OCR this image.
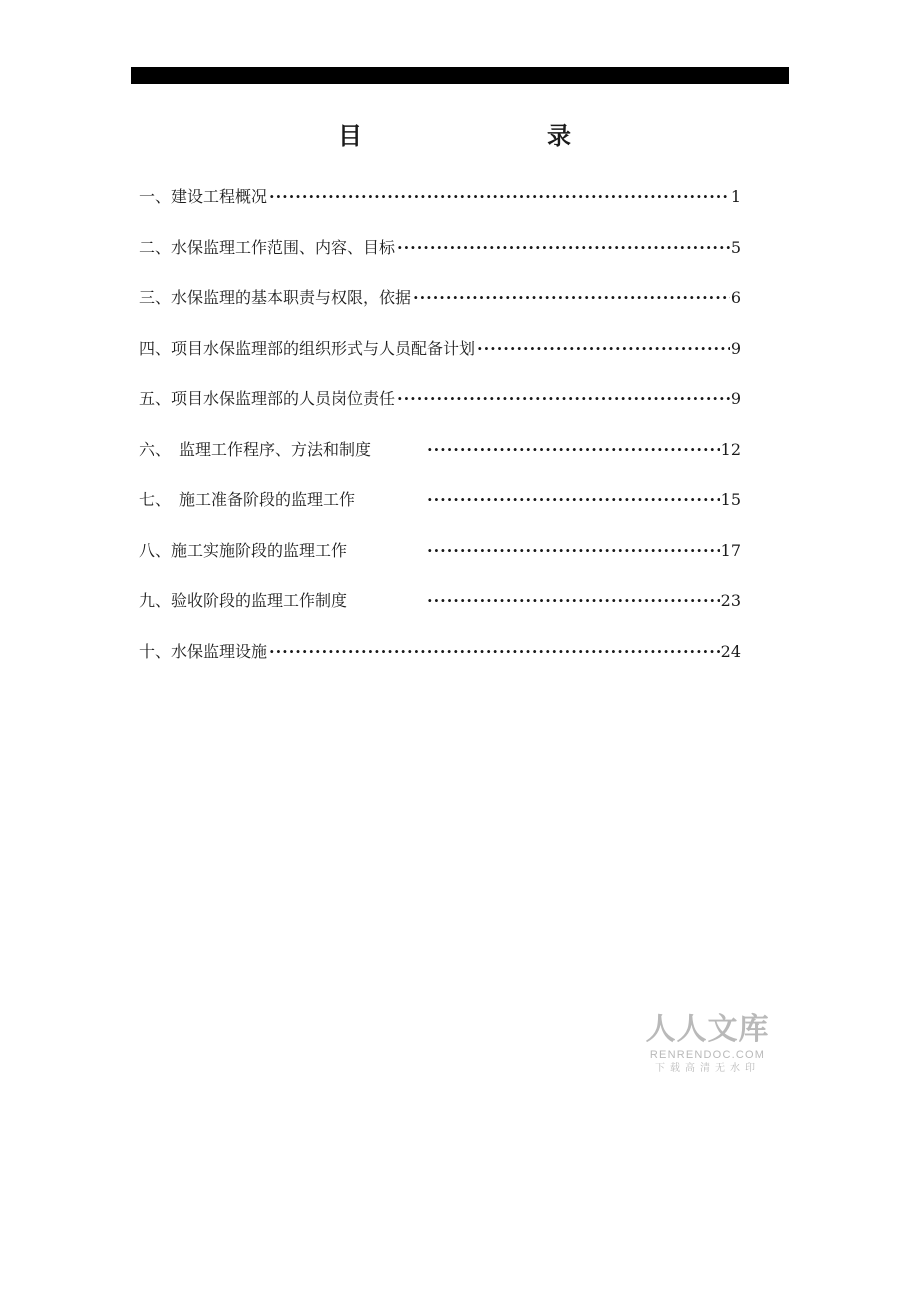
目	录
一、建设工程概况 ·····	1
二、水保监理工作范围、内容、目标 ·····	5
三、水保监理的基本职责与权限，依据 ·····	6
四、项目水保监理部的组织形式与人员配备计划 ·····	9
五、项目水保监理部的人员岗位责任 ·····	9
六、　监理工作程序、方法和制度 ·····	12
七、　施工准备阶段的监理工作 ·····	15
八、施工实施阶段的监理工作 ·····	17
九、验收阶段的监理工作制度 ·····	23
十、水保监理设施 ·····	24
人人文库
RENRENDOC.COM
下载高清无水印
